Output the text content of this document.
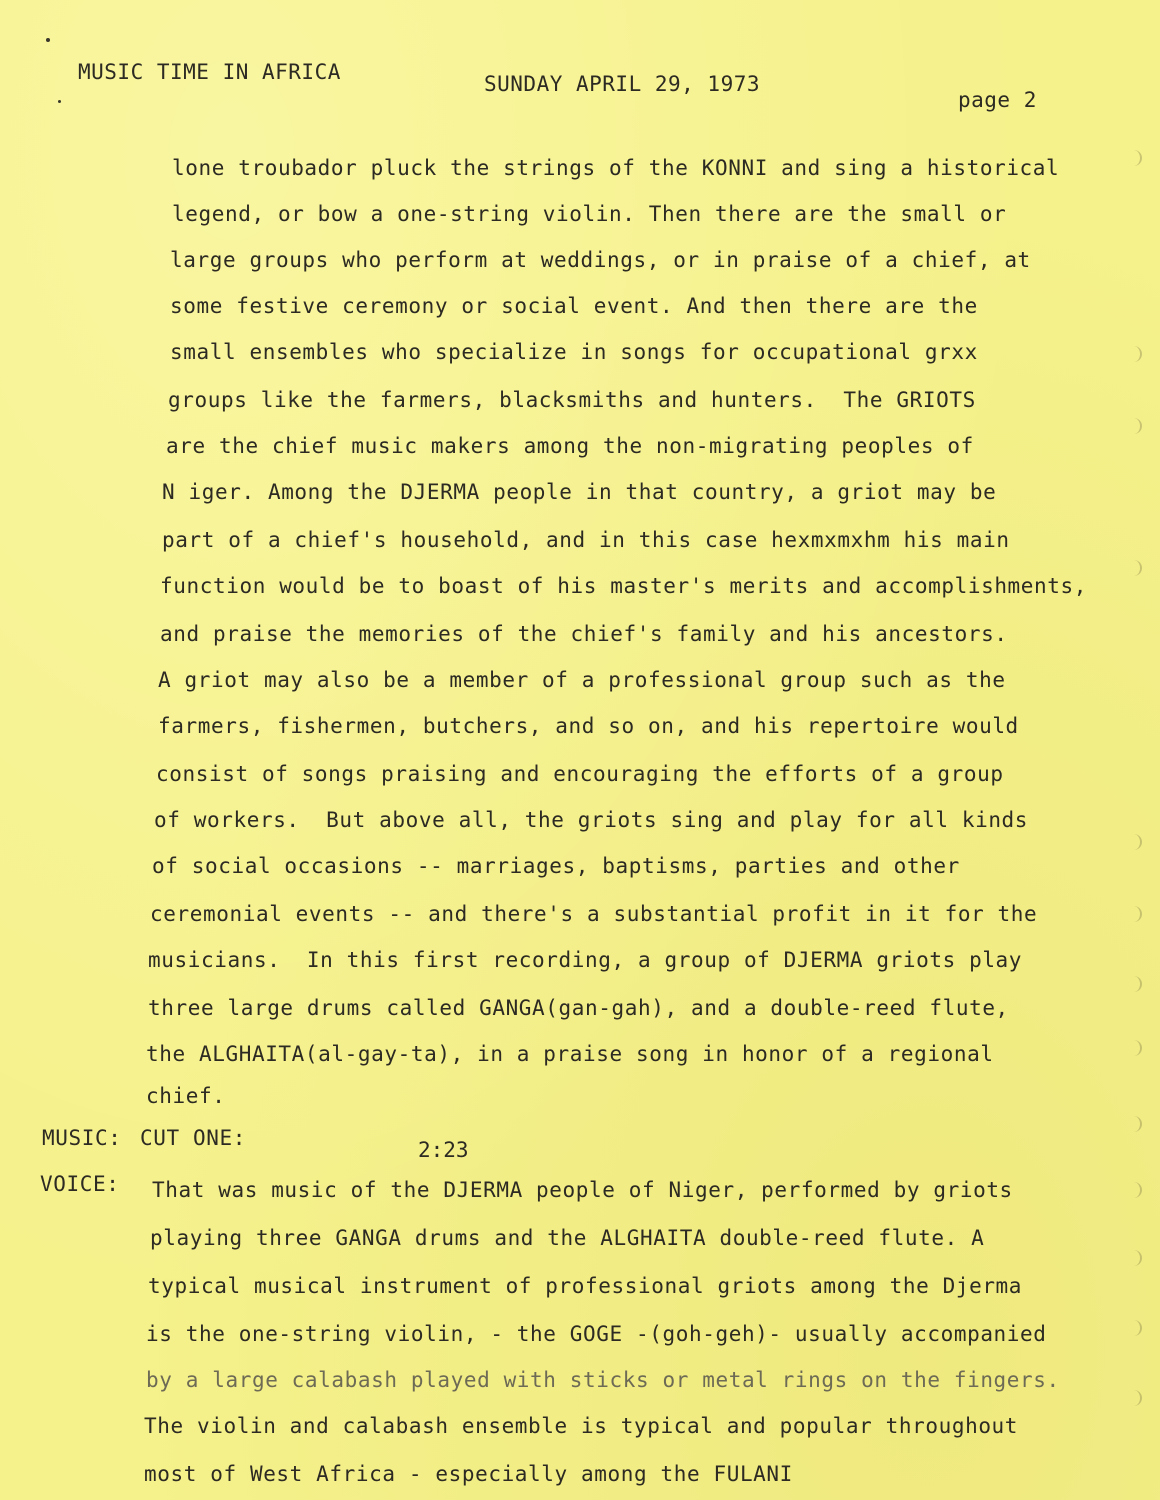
MUSIC TIME IN AFRICA	SUNDAY APRIL 29, 1973
page 2
lone troubador pluck the strings of the KONNI and sing a historical
legend, or bow a one-string violin. Then there are the small or
large groups who perform at weddings, or in praise of a chief, at
some festive ceremony or social event. And then there are the
small ensembles who specialize in songs for occupational grxx
groups like the farmers, blacksmiths and hunters.  The GRIOTS
are the chief music makers among the non-migrating peoples of
N iger. Among the DJERMA people in that country, a griot may be
part of a chief's household, and in this case hexmxmxhm his main
function would be to boast of his master's merits and accomplishments,
and praise the memories of the chief's family and his ancestors.
A griot may also be a member of a professional group such as the
farmers, fishermen, butchers, and so on, and his repertoire would
consist of songs praising and encouraging the efforts of a group
of workers.  But above all, the griots sing and play for all kinds
of social occasions -- marriages, baptisms, parties and other
ceremonial events -- and there's a substantial profit in it for the
musicians.  In this first recording, a group of DJERMA griots play
three large drums called GANGA(gan-gah), and a double-reed flute,
the ALGHAITA(al-gay-ta), in a praise song in honor of a regional
chief.
MUSIC: CUT ONE:	2:23
VOICE: That was music of the DJERMA people of Niger, performed by griots
playing three GANGA drums and the ALGHAITA double-reed flute. A
typical musical instrument of professional griots among the Djerma
is the one-string violin, - the GOGE -(goh-geh)- usually accompanied
by a large calabash played with sticks or metal rings on the fingers.
The violin and calabash ensemble is typical and popular throughout
most of West Africa - especially among the FULANI
